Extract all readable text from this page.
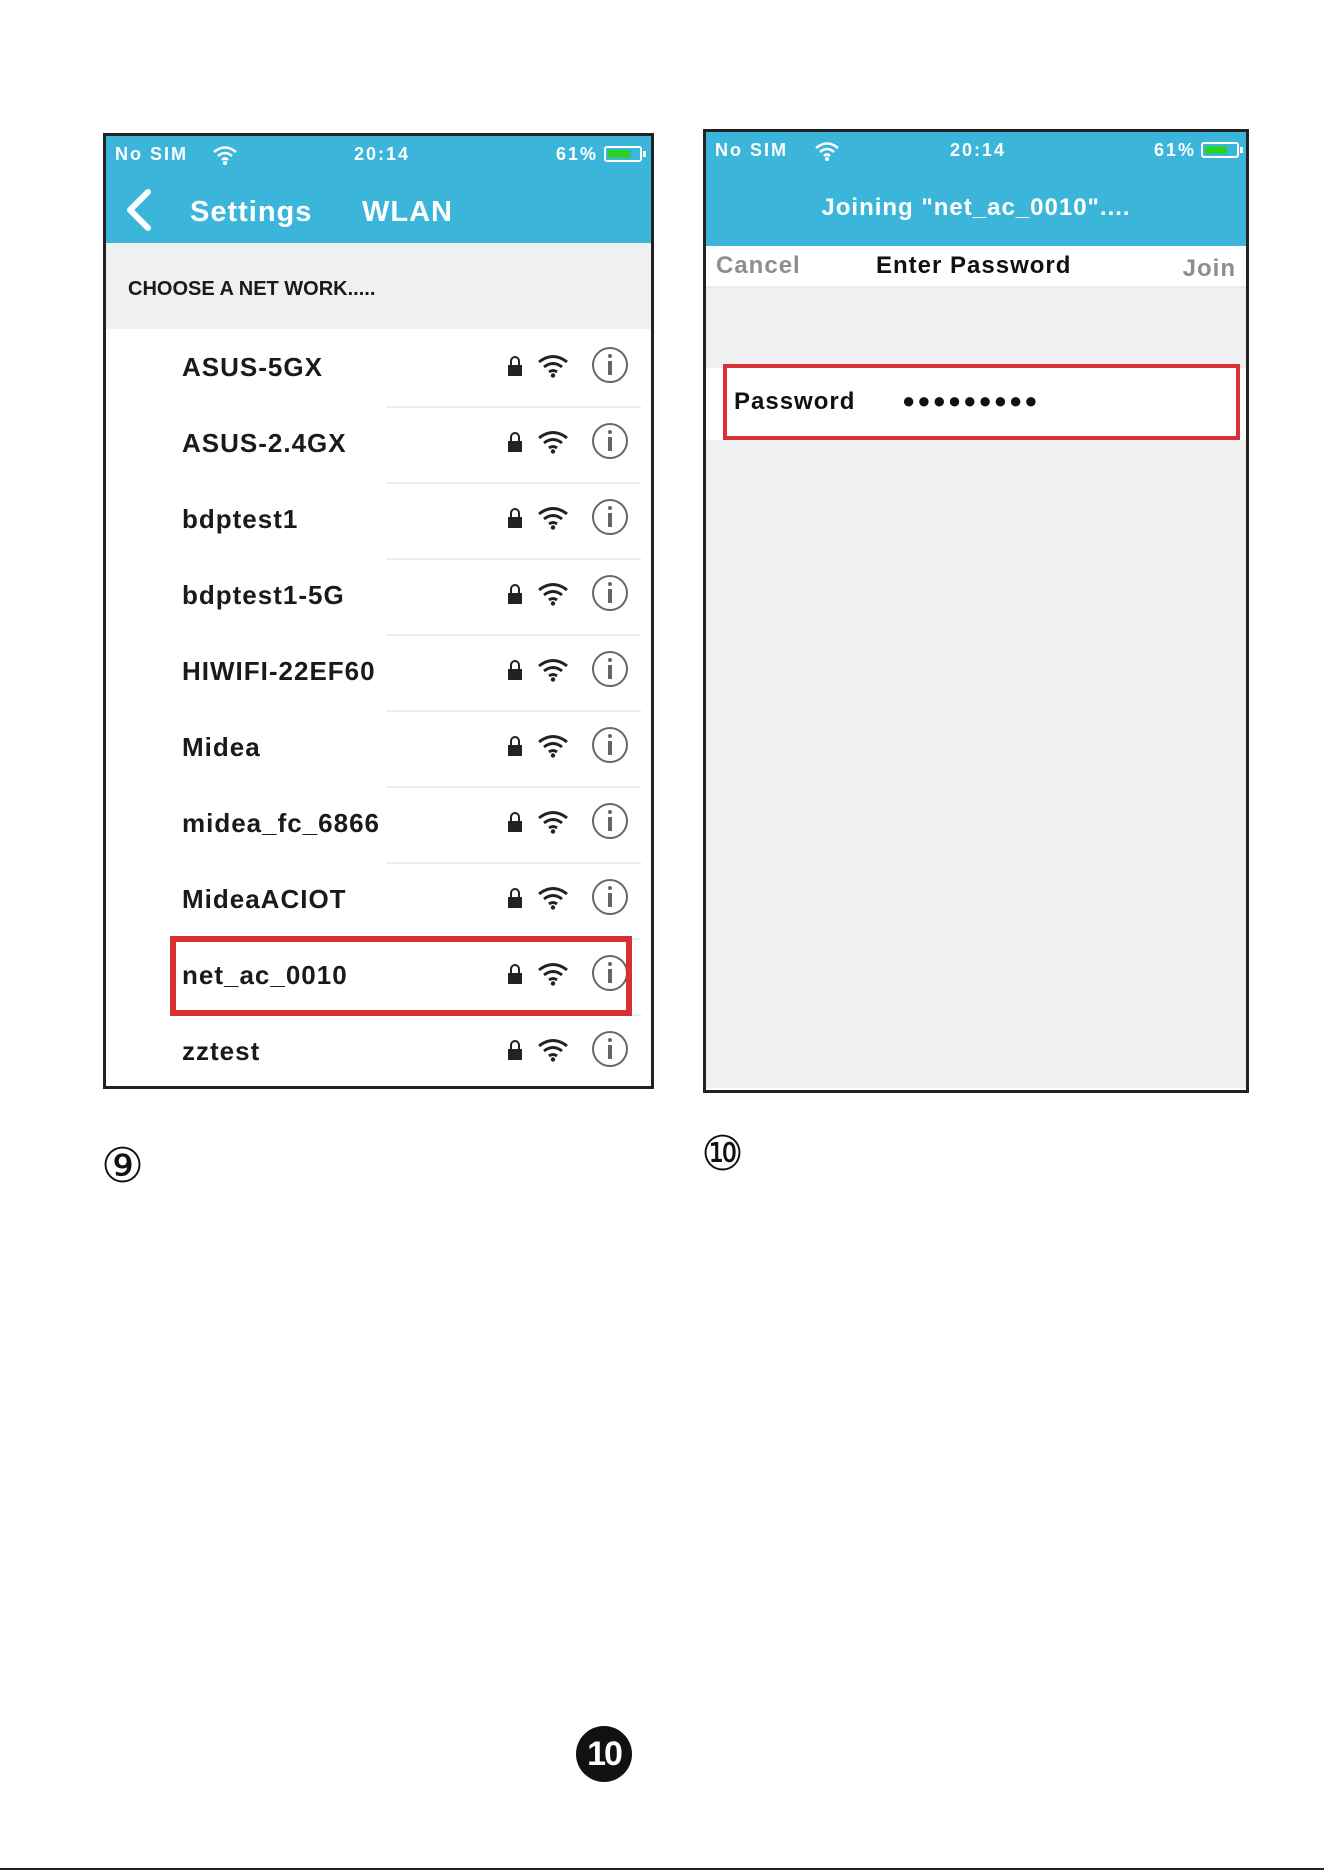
No SIM	20:14	61%
Settings WLAN
CHOOSE A NET WORK.....
ASUS-5GX
ASUS-2.4GX
bdptest1
bdptest1-5G
HIWIFI-22EF60
Midea
midea_fc_6866
MideaACIOT
net_ac_0010
zztest
No SIM	20:14	61%
Joining "net_ac_0010"....
Cancel	Enter Password	Join
Password ●●●●●●●●●
⑨	⑩
10
